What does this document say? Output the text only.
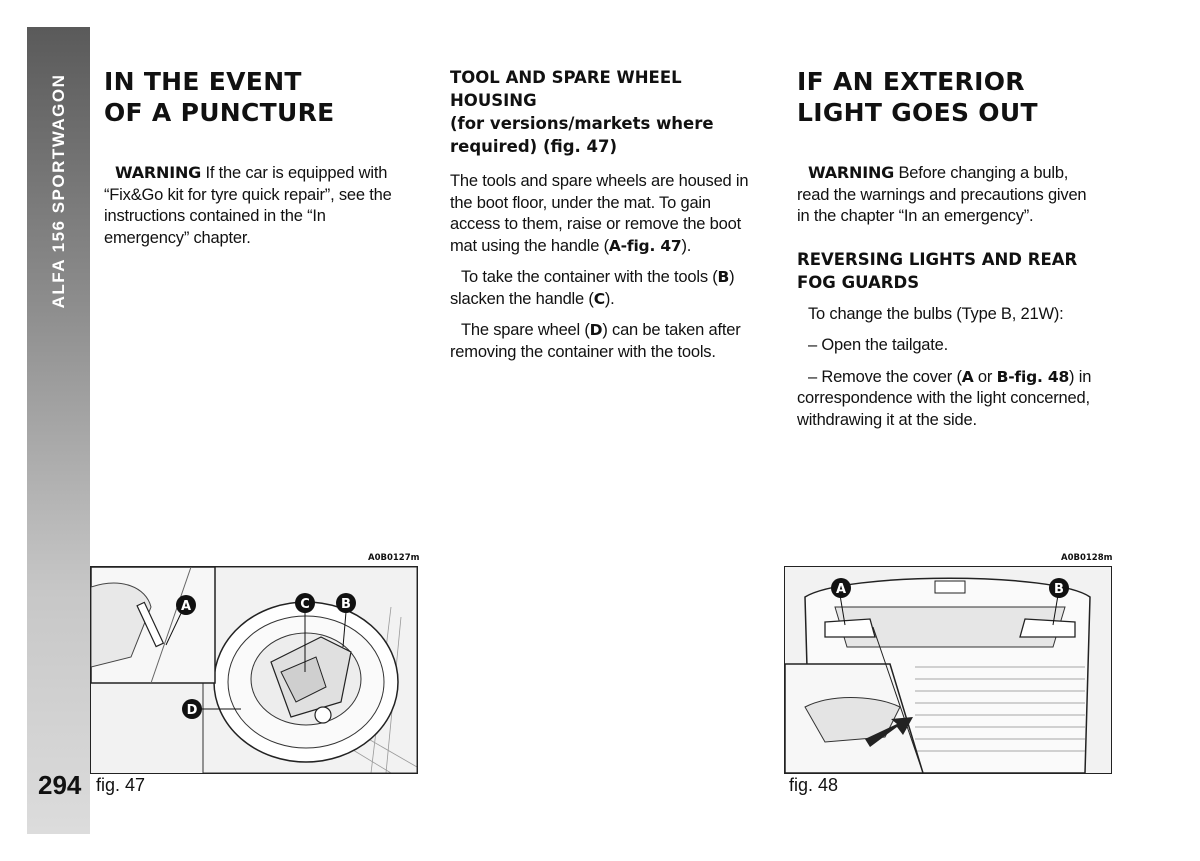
ALFA 156 SPORTWAGON
294
IN THE EVENT
OF A PUNCTURE

WARNING If the car is equipped with “Fix&Go kit for tyre quick repair”, see the instructions contained in the “In emergency” chapter.

TOOL AND SPARE WHEEL
HOUSING
(for versions/markets where
required) (fig. 47)

The tools and spare wheels are housed in the boot floor, under the mat. To gain access to them, raise or remove the boot mat using the handle (A-fig. 47).

To take the container with the tools (B) slacken the handle (C).

The spare wheel (D) can be taken after removing the container with the tools.

IF AN EXTERIOR
LIGHT GOES OUT

WARNING Before changing a bulb, read the warnings and precautions given in the chapter “In an emergency”.

REVERSING LIGHTS AND REAR
FOG GUARDS

To change the bulbs (Type B, 21W):

– Open the tailgate.

– Remove the cover (A or B-fig. 48) in correspondence with the light concerned, withdrawing it at the side.

A0B0127m
A	C B
D
fig. 47
A0B0128m
A	B
fig. 48
